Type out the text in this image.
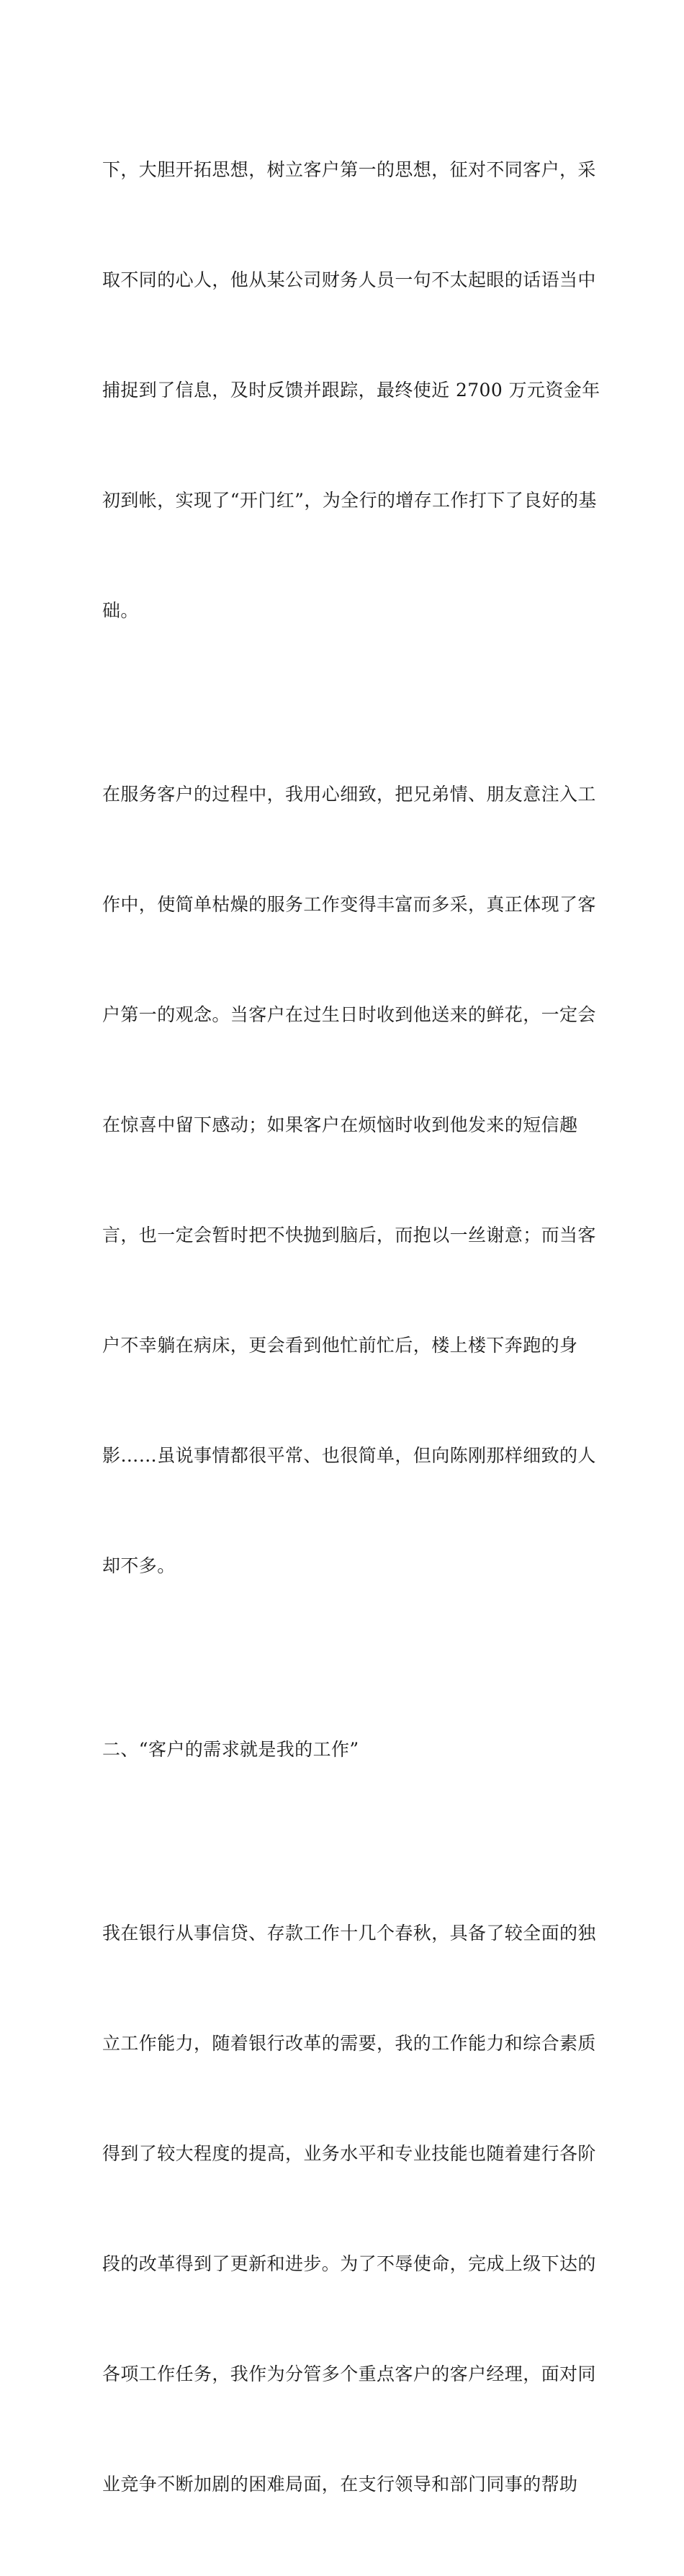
下，大胆开拓思想，树立客户第一的思想，征对不同客户，采

取不同的心人，他从某公司财务人员一句不太起眼的话语当中

捕捉到了信息，及时反馈并跟踪，最终使近 2700 万元资金年

初到帐，实现了“开门红”，为全行的增存工作打下了良好的基

础。

在服务客户的过程中，我用心细致，把兄弟情、朋友意注入工

作中，使简单枯燥的服务工作变得丰富而多采，真正体现了客

户第一的观念。当客户在过生日时收到他送来的鲜花，一定会

在惊喜中留下感动；如果客户在烦恼时收到他发来的短信趣

言，也一定会暂时把不快抛到脑后，而抱以一丝谢意；而当客

户不幸躺在病床，更会看到他忙前忙后，楼上楼下奔跑的身

影……虽说事情都很平常、也很简单，但向陈刚那样细致的人

却不多。

二、“客户的需求就是我的工作”

我在银行从事信贷、存款工作十几个春秋，具备了较全面的独

立工作能力，随着银行改革的需要，我的工作能力和综合素质

得到了较大程度的提高，业务水平和专业技能也随着建行各阶

段的改革得到了更新和进步。为了不辱使命，完成上级下达的

各项工作任务，我作为分管多个重点客户的客户经理，面对同

业竞争不断加剧的困难局面，在支行领导和部门同事的帮助
